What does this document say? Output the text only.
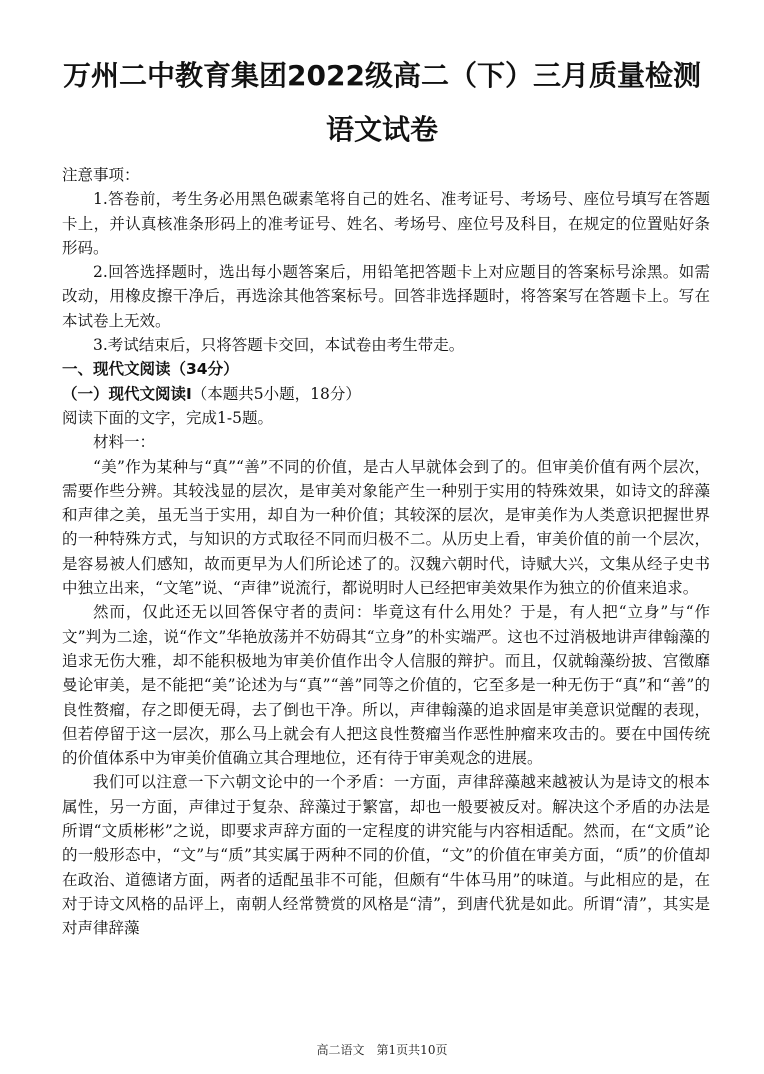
万州二中教育集团2022级高二（下）三月质量检测
语文试卷

注意事项：

1.答卷前，考生务必用黑色碳素笔将自己的姓名、准考证号、考场号、座位号填写在答题卡上，并认真核准条形码上的准考证号、姓名、考场号、座位号及科目，在规定的位置贴好条形码。

2.回答选择题时，选出每小题答案后，用铅笔把答题卡上对应题目的答案标号涂黑。如需改动，用橡皮擦干净后，再选涂其他答案标号。回答非选择题时，将答案写在答题卡上。写在本试卷上无效。

3.考试结束后，只将答题卡交回，本试卷由考生带走。

一、现代文阅读（34分）

（一）现代文阅读Ⅰ（本题共5小题，18分）

阅读下面的文字，完成1-5题。

材料一：

“美”作为某种与“真”“善”不同的价值，是古人早就体会到了的。但审美价值有两个层次，需要作些分辨。其较浅显的层次，是审美对象能产生一种别于实用的特殊效果，如诗文的辞藻和声律之美，虽无当于实用，却自为一种价值；其较深的层次，是审美作为人类意识把握世界的一种特殊方式，与知识的方式取径不同而归极不二。从历史上看，审美价值的前一个层次，是容易被人们感知，故而更早为人们所论述了的。汉魏六朝时代，诗赋大兴，文集从经子史书中独立出来，“文笔”说、“声律”说流行，都说明时人已经把审美效果作为独立的价值来追求。

然而，仅此还无以回答保守者的责问：毕竟这有什么用处？于是，有人把“立身”与“作文”判为二途，说“作文”华艳放荡并不妨碍其“立身”的朴实端严。这也不过消极地讲声律翰藻的追求无伤大雅，却不能积极地为审美价值作出令人信服的辩护。而且，仅就翰藻纷披、宫徵靡曼论审美，是不能把“美”论述为与“真”“善”同等之价值的，它至多是一种无伤于“真”和“善”的良性赘瘤，存之即便无碍，去了倒也干净。所以，声律翰藻的追求固是审美意识觉醒的表现，但若停留于这一层次，那么马上就会有人把这良性赘瘤当作恶性肿瘤来攻击的。要在中国传统的价值体系中为审美价值确立其合理地位，还有待于审美观念的进展。

我们可以注意一下六朝文论中的一个矛盾：一方面，声律辞藻越来越被认为是诗文的根本属性，另一方面，声律过于复杂、辞藻过于繁富，却也一般要被反对。解决这个矛盾的办法是所谓“文质彬彬”之说，即要求声辞方面的一定程度的讲究能与内容相适配。然而，在“文质”论的一般形态中，“文”与“质”其实属于两种不同的价值，“文”的价值在审美方面，“质”的价值却在政治、道德诸方面，两者的适配虽非不可能，但颇有“牛体马用”的味道。与此相应的是，在对于诗文风格的品评上，南朝人经常赞赏的风格是“清”，到唐代犹是如此。所谓“清”，其实是对声律辞藻

高二语文　第1页共10页
